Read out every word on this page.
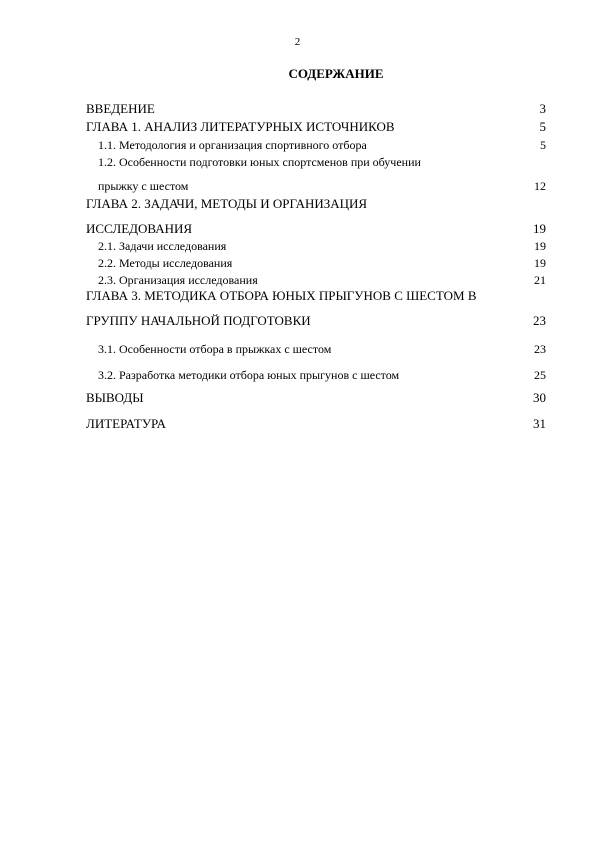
2
СОДЕРЖАНИЕ
ВВЕДЕНИЕ	3
ГЛАВА 1. АНАЛИЗ ЛИТЕРАТУРНЫХ ИСТОЧНИКОВ	5
1.1. Методология и организация спортивного отбора	5
1.2. Особенности подготовки юных спортсменов при обучении
прыжку с шестом	12
ГЛАВА 2. ЗАДАЧИ, МЕТОДЫ И ОРГАНИЗАЦИЯ
ИССЛЕДОВАНИЯ	19
2.1. Задачи исследования	19
2.2. Методы исследования	19
2.3. Организация исследования	21
ГЛАВА 3. МЕТОДИКА ОТБОРА ЮНЫХ ПРЫГУНОВ С ШЕСТОМ В
ГРУППУ НАЧАЛЬНОЙ ПОДГОТОВКИ	23
3.1. Особенности отбора в прыжках с шестом	23
3.2. Разработка методики отбора юных прыгунов с шестом	25
ВЫВОДЫ	30
ЛИТЕРАТУРА	31
